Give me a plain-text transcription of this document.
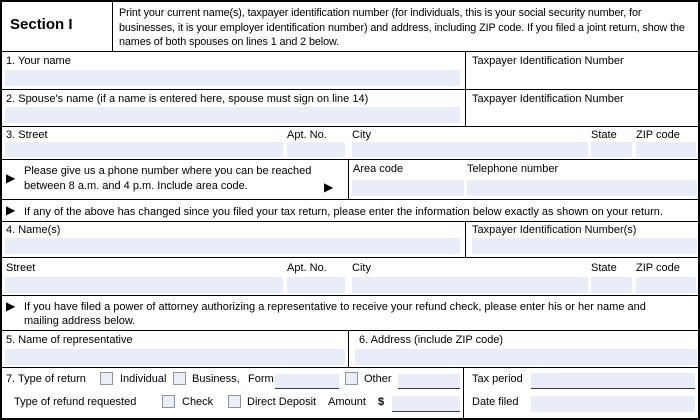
Section I
Print your current name(s), taxpayer identification number (for individuals, this is your social security number, for businesses, it is your employer identification number) and address, including ZIP code. If you filed a joint return, show the names of both spouses on lines 1 and 2 below.
1. Your name	Taxpayer Identification Number
2. Spouse's name (if a name is entered here, spouse must sign on line 14)	Taxpayer Identification Number
3. Street	Apt. No. City	State ZIP code
▶ Please give us a phone number where you can be reached
between 8 a.m. and 4 p.m. Include area code.	▶
Area code	Telephone number
▶ If any of the above has changed since you filed your tax return, please enter the information below exactly as shown on your return.
4. Name(s)	Taxpayer Identification Number(s)
Street	Apt. No. City	State ZIP code
▶ If you have filed a power of attorney authorizing a representative to receive your refund check, please enter his or her name and mailing address below.
5. Name of representative	6. Address (include ZIP code)
7. Type of return	Individual Business, Form	Other
Type of refund requested	Check	Direct Deposit Amount $
Tax period
Date filed
